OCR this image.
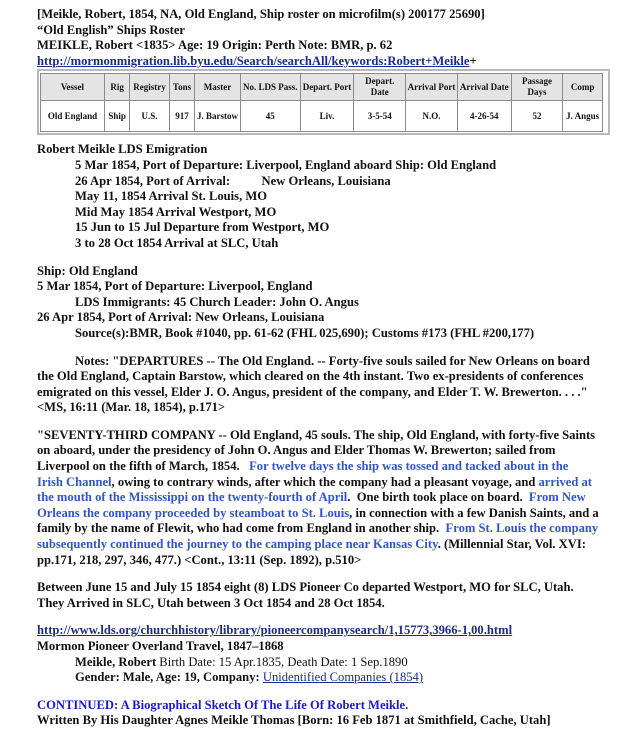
[Meikle, Robert, 1854, NA, Old England, Ship roster on microfilm(s) 200177 25690]
“Old English” Ships Roster
MEIKLE, Robert <1835> Age: 19 Origin: Perth Note: BMR, p. 62
http://mormonmigration.lib.byu.edu/Search/searchAll/keywords:Robert+Meikle+
Vessel	Rig	Registry	Tons	Master	No. LDS Pass.	Depart. Port	Depart. Date	Arrival Port	Arrival Date	Passage Days	Comp
Old England	Ship	U.S.	917	J. Barstow	45	Liv.	3-5-54	N.O.	4-26-54	52	J. Angus
Robert Meikle LDS Emigration
5 Mar 1854, Port of Departure: Liverpool, England aboard Ship: Old England
26 Apr 1854, Port of Arrival:          New Orleans, Louisiana
May 11, 1854 Arrival St. Louis, MO
Mid May 1854 Arrival Westport, MO
15 Jun to 15 Jul Departure from Westport, MO
3 to 28 Oct 1854 Arrival at SLC, Utah
Ship: Old England
5 Mar 1854, Port of Departure: Liverpool, England
LDS Immigrants: 45 Church Leader: John O. Angus
26 Apr 1854, Port of Arrival: New Orleans, Louisiana
Source(s):BMR, Book #1040, pp. 61-62 (FHL 025,690); Customs #173 (FHL #200,177)
Notes: "DEPARTURES -- The Old England. -- Forty-five souls sailed for New Orleans on board
the Old England, Captain Barstow, which cleared on the 4th instant. Two ex-presidents of conferences
emigrated on this vessel, Elder J. O. Angus, president of the company, and Elder T. W. Brewerton. . . ."
<MS, 16:11 (Mar. 18, 1854), p.171>
"SEVENTY-THIRD COMPANY -- Old England, 45 souls. The ship, Old England, with forty-five Saints
on aboard, under the presidency of John O. Angus and Elder Thomas W. Brewerton; sailed from
Liverpool on the fifth of March, 1854.   For twelve days the ship was tossed and tacked about in the
Irish Channel, owing to contrary winds, after which the company had a pleasant voyage, and arrived at
the mouth of the Mississippi on the twenty-fourth of April.  One birth took place on board.  From New
Orleans the company proceeded by steamboat to St. Louis, in connection with a few Danish Saints, and a
family by the name of Flewit, who had come from England in another ship.  From St. Louis the company
subsequently continued the journey to the camping place near Kansas City. (Millennial Star, Vol. XVI:
pp.171, 218, 297, 346, 477.) <Cont., 13:11 (Sep. 1892), p.510>
Between June 15 and July 15 1854 eight (8) LDS Pioneer Co departed Westport, MO for SLC, Utah.
They Arrived in SLC, Utah between 3 Oct 1854 and 28 Oct 1854.
http://www.lds.org/churchhistory/library/pioneercompanysearch/1,15773,3966-1,00.html
Mormon Pioneer Overland Travel, 1847–1868
Meikle, Robert Birth Date: 15 Apr.1835, Death Date: 1 Sep.1890
Gender: Male, Age: 19, Company: Unidentified Companies (1854)
CONTINUED: A Biographical Sketch Of The Life Of Robert Meikle.
Written By His Daughter Agnes Meikle Thomas [Born: 16 Feb 1871 at Smithfield, Cache, Utah]
